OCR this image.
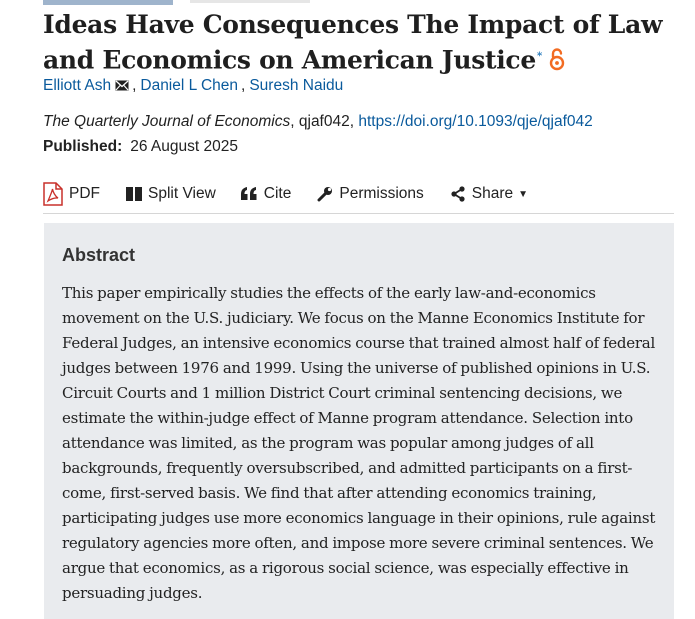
Ideas Have Consequences The Impact of Law and Economics on American Justice*
Elliott Ash , Daniel L Chen , Suresh Naidu
The Quarterly Journal of Economics, qjaf042, https://doi.org/10.1093/qje/qjaf042
Published: 26 August 2025
PDF	Split View	Cite	Permissions	Share ▼
Abstract

This paper empirically studies the effects of the early law-and-economics movement on the U.S. judiciary. We focus on the Manne Economics Institute for Federal Judges, an intensive economics course that trained almost half of federal judges between 1976 and 1999. Using the universe of published opinions in U.S. Circuit Courts and 1 million District Court criminal sentencing decisions, we estimate the within-judge effect of Manne program attendance. Selection into attendance was limited, as the program was popular among judges of all backgrounds, frequently oversubscribed, and admitted participants on a first-come, first-served basis. We find that after attending economics training, participating judges use more economics language in their opinions, rule against regulatory agencies more often, and impose more severe criminal sentences. We argue that economics, as a rigorous social science, was especially effective in persuading judges.
